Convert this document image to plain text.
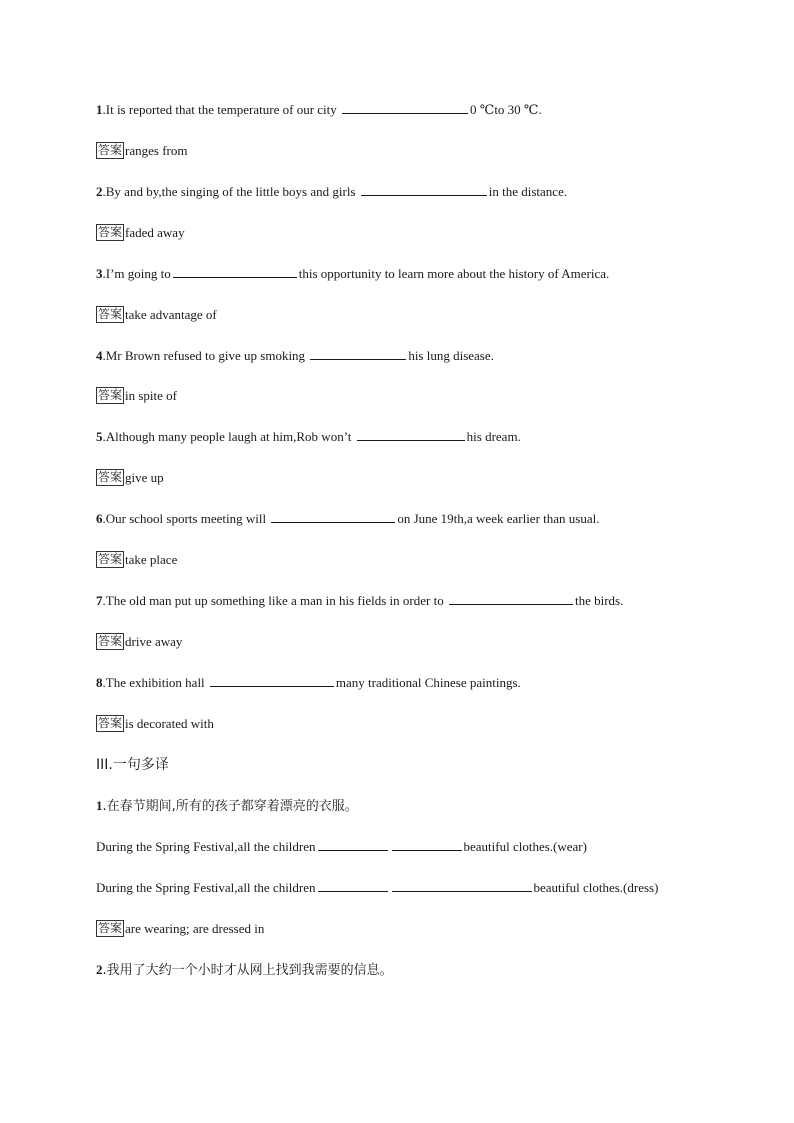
1.It is reported that the temperature of our city	0 ℃to 30 ℃.
答案 ranges from
2.By and by,the singing of the little boys and girls	in the distance.
答案 faded away
3.I’m going to	this opportunity to learn more about the history of America.
答案 take advantage of
4.Mr Brown refused to give up smoking	his lung disease.
答案 in spite of
5.Although many people laugh at him,Rob won’t	his dream.
答案 give up
6.Our school sports meeting will	on June 19th,a week earlier than usual.
答案 take place
7.The old man put up something like a man in his fields in order to	the birds.
答案 drive away
8.The exhibition hall	many traditional Chinese paintings.
答案 is decorated with
III.一句多译
1.在春节期间,所有的孩子都穿着漂亮的衣服。
During the Spring Festival,all the children	beautiful clothes.(wear)
During the Spring Festival,all the children	beautiful clothes.(dress)
答案 are wearing; are dressed in
2.我用了大约一个小时才从网上找到我需要的信息。
